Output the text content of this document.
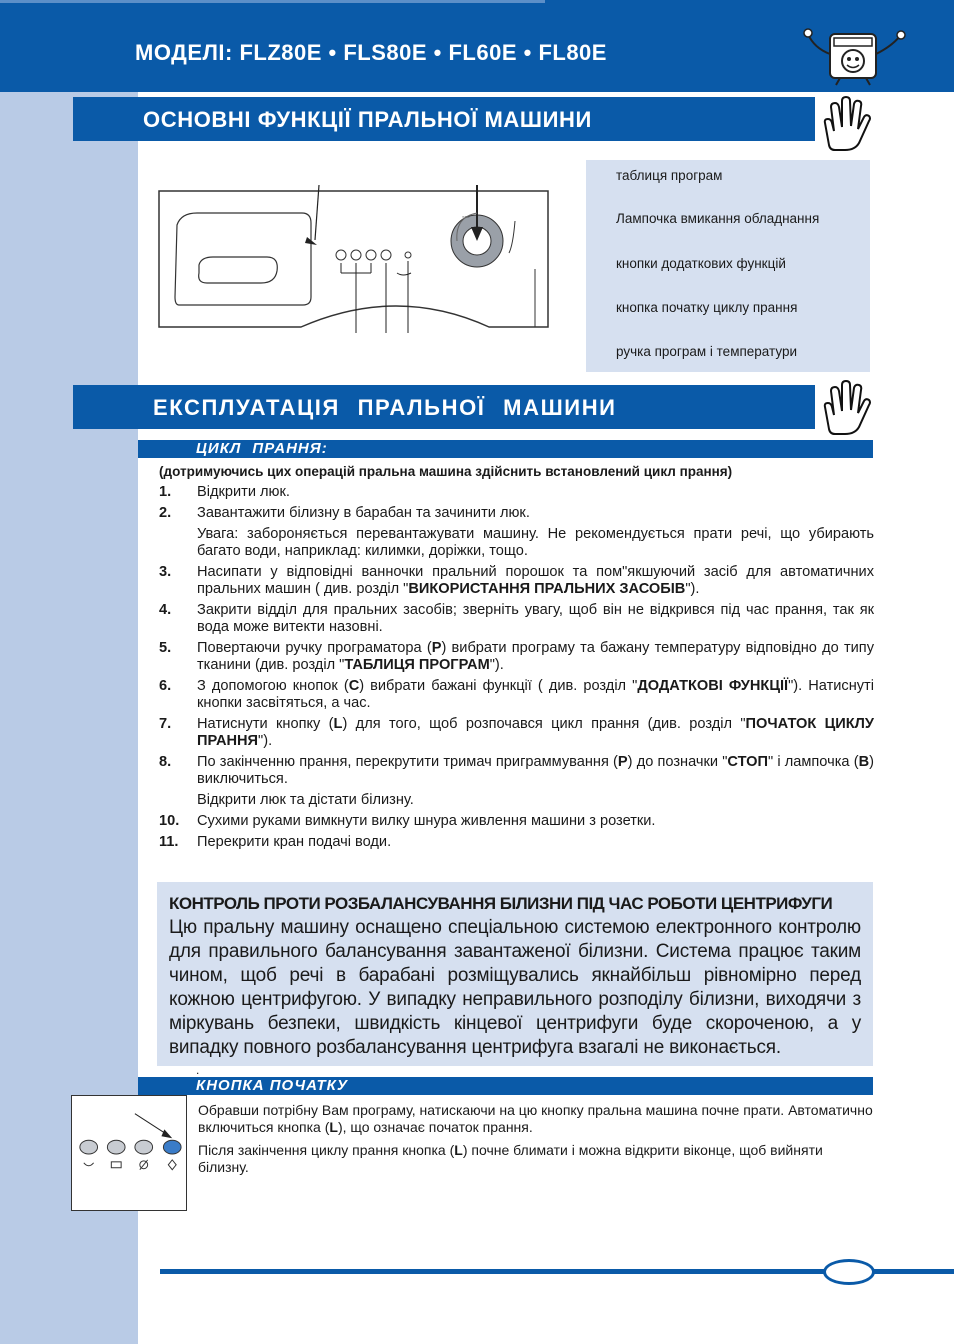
МОДЕЛІ: FLZ80E • FLS80E • FL60E • FL80E
ОСНОВНІ ФУНКЦІЇ ПРАЛЬНОЇ МАШИНИ
◦◦◦
таблиця програм
Лампочка вмикання обладнання
кнопки додаткових функцій
кнопка початку циклу прання
ручка програм і температури
ЕКСПЛУАТАЦІЯ ПРАЛЬНОЇ МАШИНИ
ЦИКЛ ПРАННЯ:
(дотримуючись цих операцій пральна машина здійснить встановлений цикл прання)
1. Відкрити люк.

2. Завантажити білизну в барабан та зачинити люк.

Увага: забороняється перевантажувати машину. Не рекомендується прати речі, що убирають багато води, наприклад: килимки, доріжки, тощо.

3. Насипати у відповідні ванночки пральний порошок та пом"якшуючий засіб для автоматичних пральних машин ( див. розділ "ВИКОРИСТАННЯ ПРАЛЬНИХ ЗАСОБІВ").

4. Закрити відділ для пральних засобів; зверніть увагу, щоб він не відкрився під час прання, так як вода може витекти назовні.

5. Повертаючи ручку програматора (P) вибрати програму та бажану температуру відповідно до типу тканини (див. розділ "ТАБЛИЦЯ ПРОГРАМ").

6. З допомогою кнопок (C) вибрати бажані функції ( див. розділ "ДОДАТКОВІ ФУНКЦІЇ"). Натиснуті кнопки засвітяться, а час.

7. Натиснути кнопку (L) для того, щоб розпочався цикл прання (див. розділ "ПОЧАТОК ЦИКЛУ ПРАННЯ").

8. По закінченню прання, перекрутити тримач приграммування (P) до позначки "СТОП" і лампочка (B) виключиться.

Відкрити люк та дістати білизну.

10. Сухими руками вимкнути вилку шнура живлення машини з розетки.

11. Перекрити кран подачі води.

КОНТРОЛЬ ПРОТИ РОЗБАЛАНСУВАННЯ БІЛИЗНИ ПІД ЧАС РОБОТИ ЦЕНТРИФУГИ
Цю пральну машину оснащено спеціальною системою електронного контролю для правильного балансування завантаженої білизни. Система працює таким чином, щоб речі в барабані розміщувались якнайбільш рівномірно перед кожною центрифугою. У випадку неправильного розподілу білизни, виходячи з міркувань безпеки, швидкість кінцевої центрифуги буде скороченою, а у випадку повного розбалансування центрифуга взагалі не виконається.
.
КНОПКА ПОЧАТКУ

Обравши потрібну Вам програму, натискаючи на цю кнопку пральна машина почне прати. Автоматично включиться кнопка (L), що означає початок прання.

Після закінчення циклу прання кнопка (L) почне блимати і можна відкрити віконце, щоб вийняти білизну.
